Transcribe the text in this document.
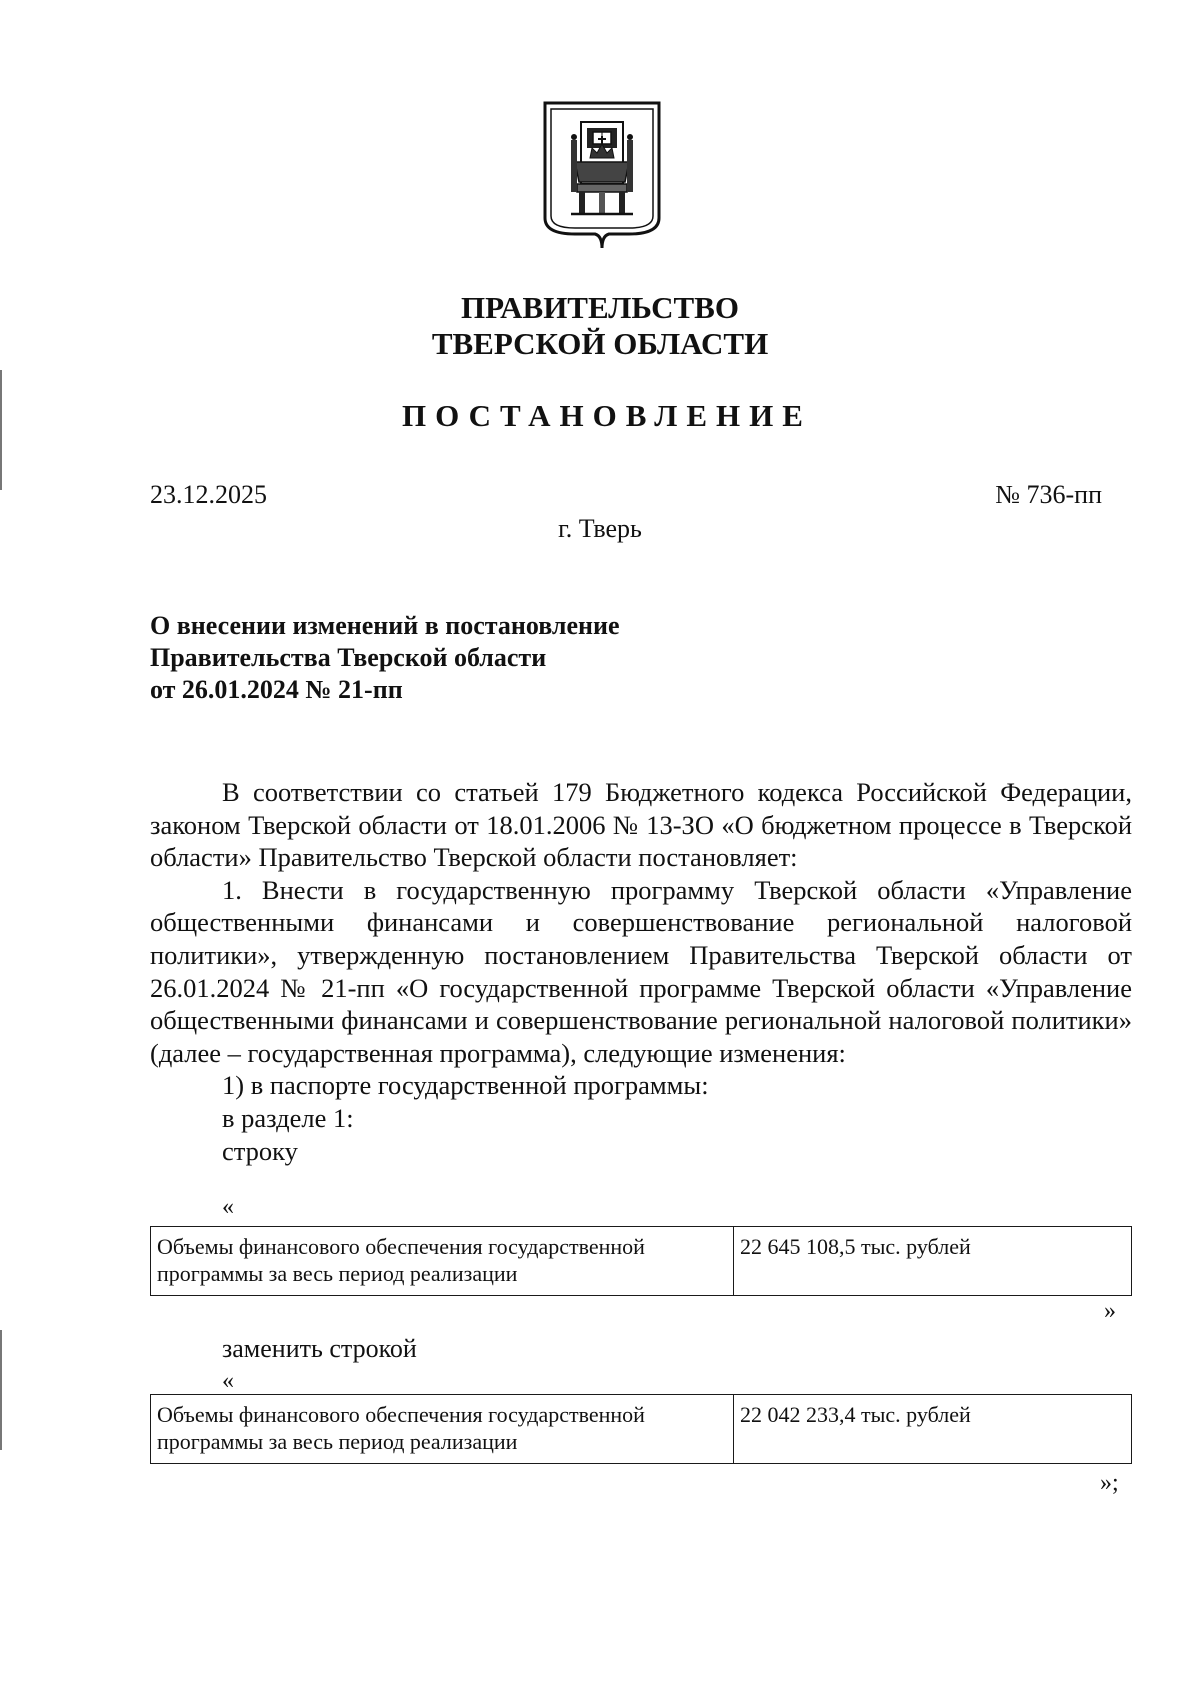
ПРАВИТЕЛЬСТВО
ТВЕРСКОЙ ОБЛАСТИ
ПОСТАНОВЛЕНИЕ
23.12.2025	№ 736-пп
г. Тверь
О внесении изменений в постановление
Правительства Тверской области
от 26.01.2024 № 21-пп

В соответствии со статьей 179 Бюджетного кодекса Российской Федерации, законом Тверской области от 18.01.2006 № 13-ЗО «О бюджетном процессе в Тверской области» Правительство Тверской области постановляет:

1. Внести в государственную программу Тверской области «Управление общественными финансами и совершенствование региональной налоговой политики», утвержденную постановлением Правительства Тверской области от 26.01.2024 № 21-пп «О государственной программе Тверской области «Управление общественными финансами и совершенствование региональной налоговой политики» (далее – государственная программа), следующие изменения:

1) в паспорте государственной программы:
в разделе 1:
строку
«
Объемы финансового обеспечения государственной программы за весь период реализации	22 645 108,5 тыс. рублей
»
заменить строкой
«
Объемы финансового обеспечения государственной программы за весь период реализации	22 042 233,4 тыс. рублей
»;
